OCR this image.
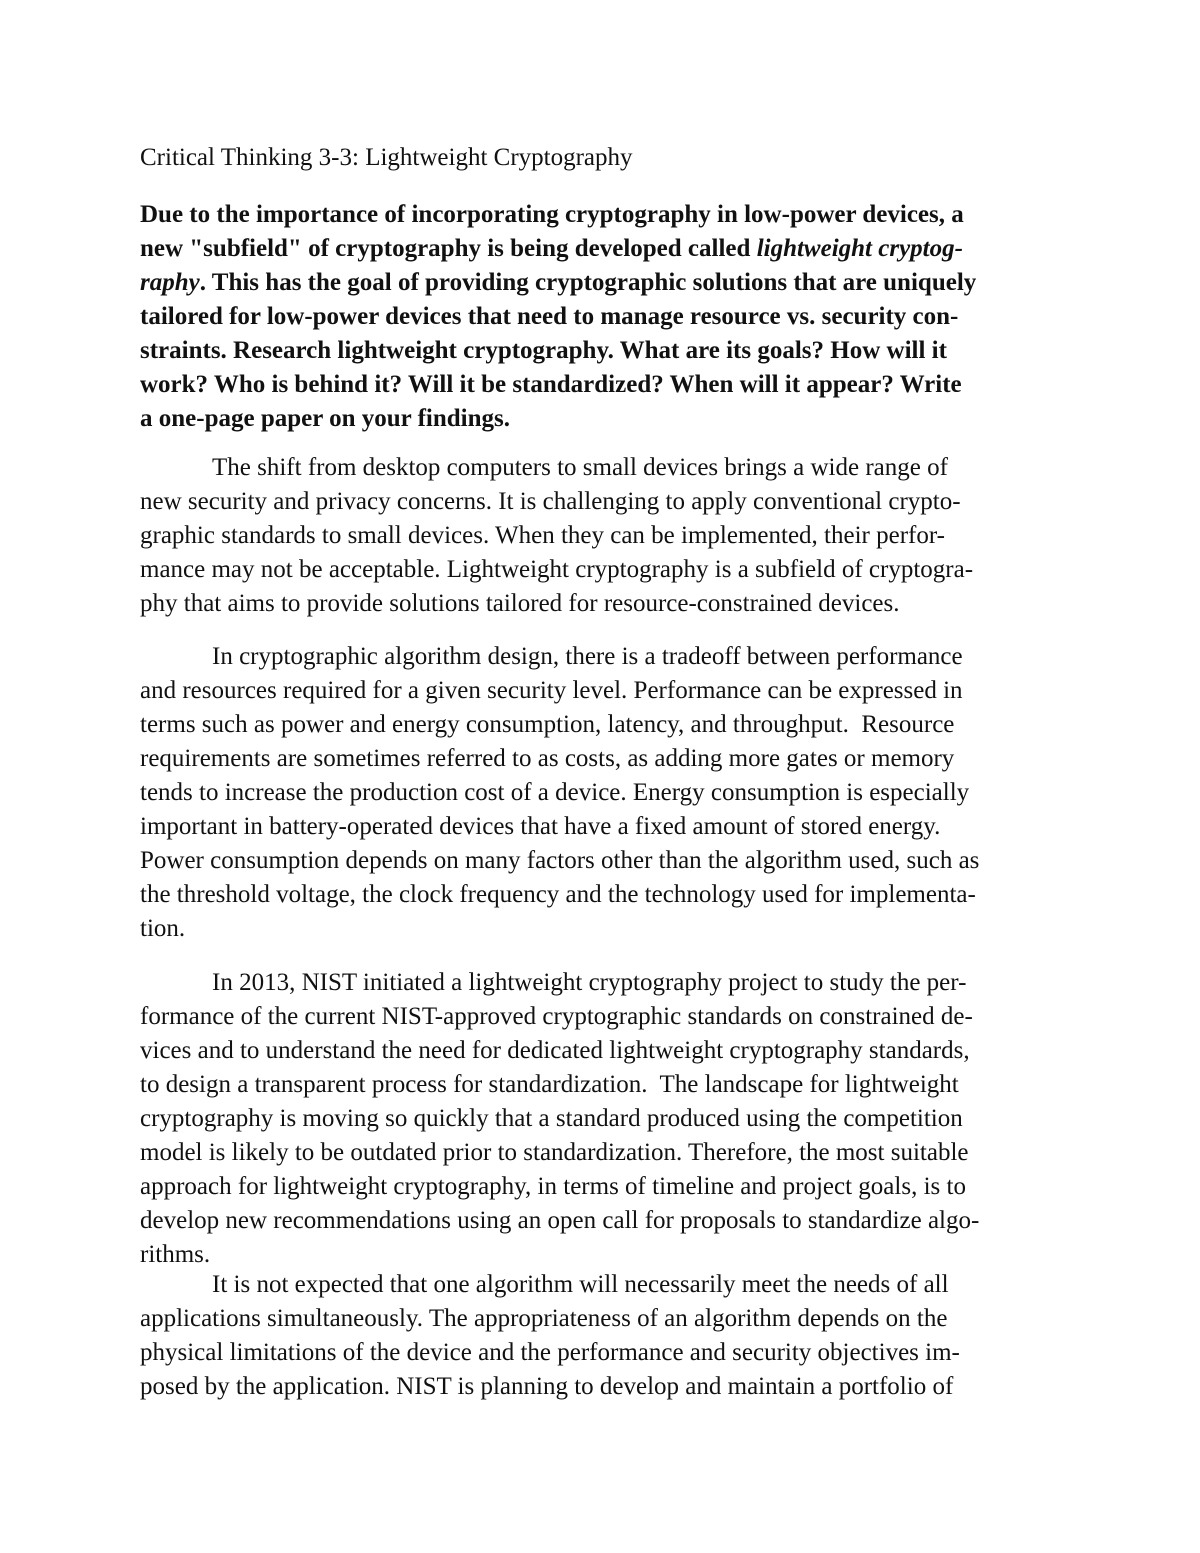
Critical Thinking 3-3: Lightweight Cryptography
Due to the importance of incorporating cryptography in low-power devices, a
new "subfield" of cryptography is being developed called lightweight cryptog-
raphy. This has the goal of providing cryptographic solutions that are uniquely
tailored for low-power devices that need to manage resource vs. security con-
straints. Research lightweight cryptography. What are its goals? How will it
work? Who is behind it? Will it be standardized? When will it appear? Write
a one-page paper on your findings.
The shift from desktop computers to small devices brings a wide range of
new security and privacy concerns. It is challenging to apply conventional crypto-
graphic standards to small devices. When they can be implemented, their perfor-
mance may not be acceptable. Lightweight cryptography is a subfield of cryptogra-
phy that aims to provide solutions tailored for resource-constrained devices.
In cryptographic algorithm design, there is a tradeoff between performance
and resources required for a given security level. Performance can be expressed in
terms such as power and energy consumption, latency, and throughput.  Resource
requirements are sometimes referred to as costs, as adding more gates or memory
tends to increase the production cost of a device. Energy consumption is especially
important in battery-operated devices that have a fixed amount of stored energy.
Power consumption depends on many factors other than the algorithm used, such as
the threshold voltage, the clock frequency and the technology used for implementa-
tion.
In 2013, NIST initiated a lightweight cryptography project to study the per-
formance of the current NIST-approved cryptographic standards on constrained de-
vices and to understand the need for dedicated lightweight cryptography standards,
to design a transparent process for standardization.  The landscape for lightweight
cryptography is moving so quickly that a standard produced using the competition
model is likely to be outdated prior to standardization. Therefore, the most suitable
approach for lightweight cryptography, in terms of timeline and project goals, is to
develop new recommendations using an open call for proposals to standardize algo-
rithms.
It is not expected that one algorithm will necessarily meet the needs of all
applications simultaneously. The appropriateness of an algorithm depends on the
physical limitations of the device and the performance and security objectives im-
posed by the application. NIST is planning to develop and maintain a portfolio of
